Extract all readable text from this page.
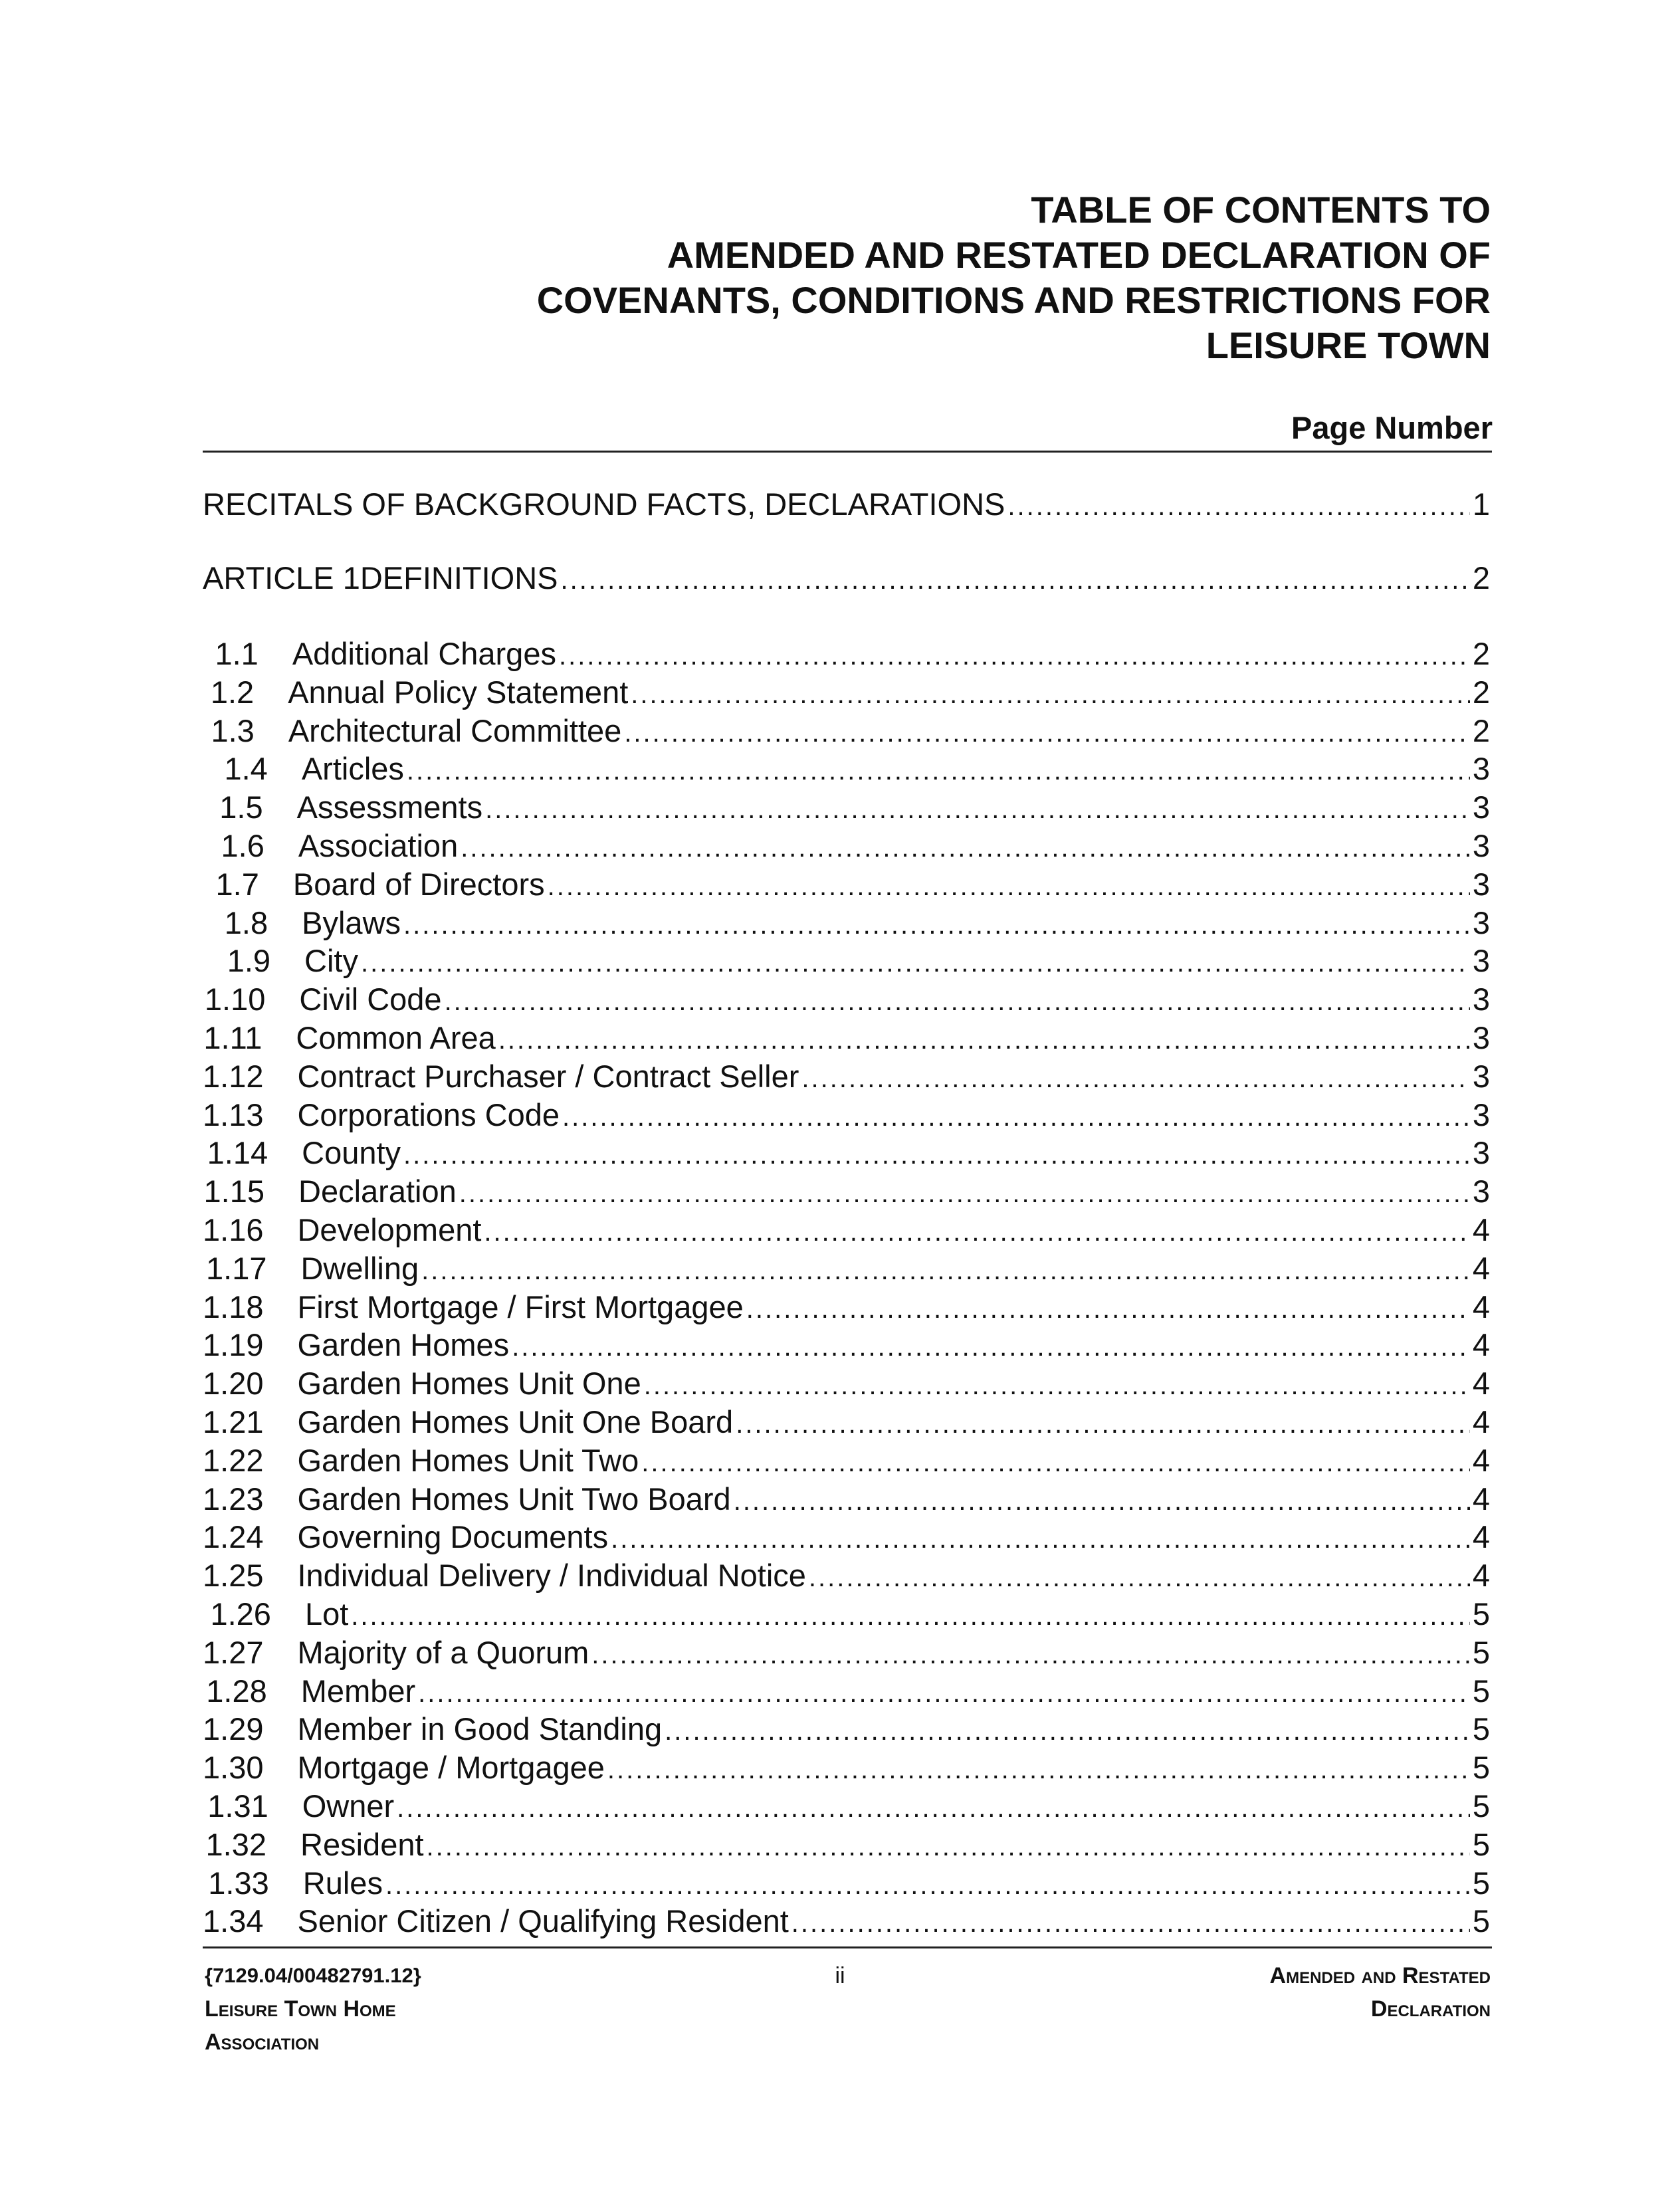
TABLE OF CONTENTS TO
AMENDED AND RESTATED DECLARATION OF
COVENANTS, CONDITIONS AND RESTRICTIONS FOR
LEISURE TOWN
Page Number
RECITALS OF BACKGROUND FACTS, DECLARATIONS .....	1
ARTICLE 1 DEFINITIONS .....	2
1.1 Additional Charges .....	2
1.2 Annual Policy Statement .....	2
1.3 Architectural Committee .....	2
1.4 Articles .....	3
1.5 Assessments .....	3
1.6 Association .....	3
1.7 Board of Directors .....	3
1.8 Bylaws .....	3
1.9 City .....	3
1.10 Civil Code .....	3
1.11 Common Area .....	3
1.12 Contract Purchaser / Contract Seller .....	3
1.13 Corporations Code .....	3
1.14 County .....	3
1.15 Declaration .....	3
1.16 Development .....	4
1.17 Dwelling .....	4
1.18 First Mortgage / First Mortgagee .....	4
1.19 Garden Homes .....	4
1.20 Garden Homes Unit One .....	4
1.21 Garden Homes Unit One Board .....	4
1.22 Garden Homes Unit Two .....	4
1.23 Garden Homes Unit Two Board .....	4
1.24 Governing Documents .....	4
1.25 Individual Delivery / Individual Notice .....	4
1.26 Lot .....	5
1.27 Majority of a Quorum .....	5
1.28 Member .....	5
1.29 Member in Good Standing .....	5
1.30 Mortgage / Mortgagee .....	5
1.31 Owner .....	5
1.32 Resident .....	5
1.33 Rules .....	5
1.34 Senior Citizen / Qualifying Resident .....	5
{7129.04/00482791.12}
Leisure Town Home
Association
ii	Amended and Restated
Declaration
